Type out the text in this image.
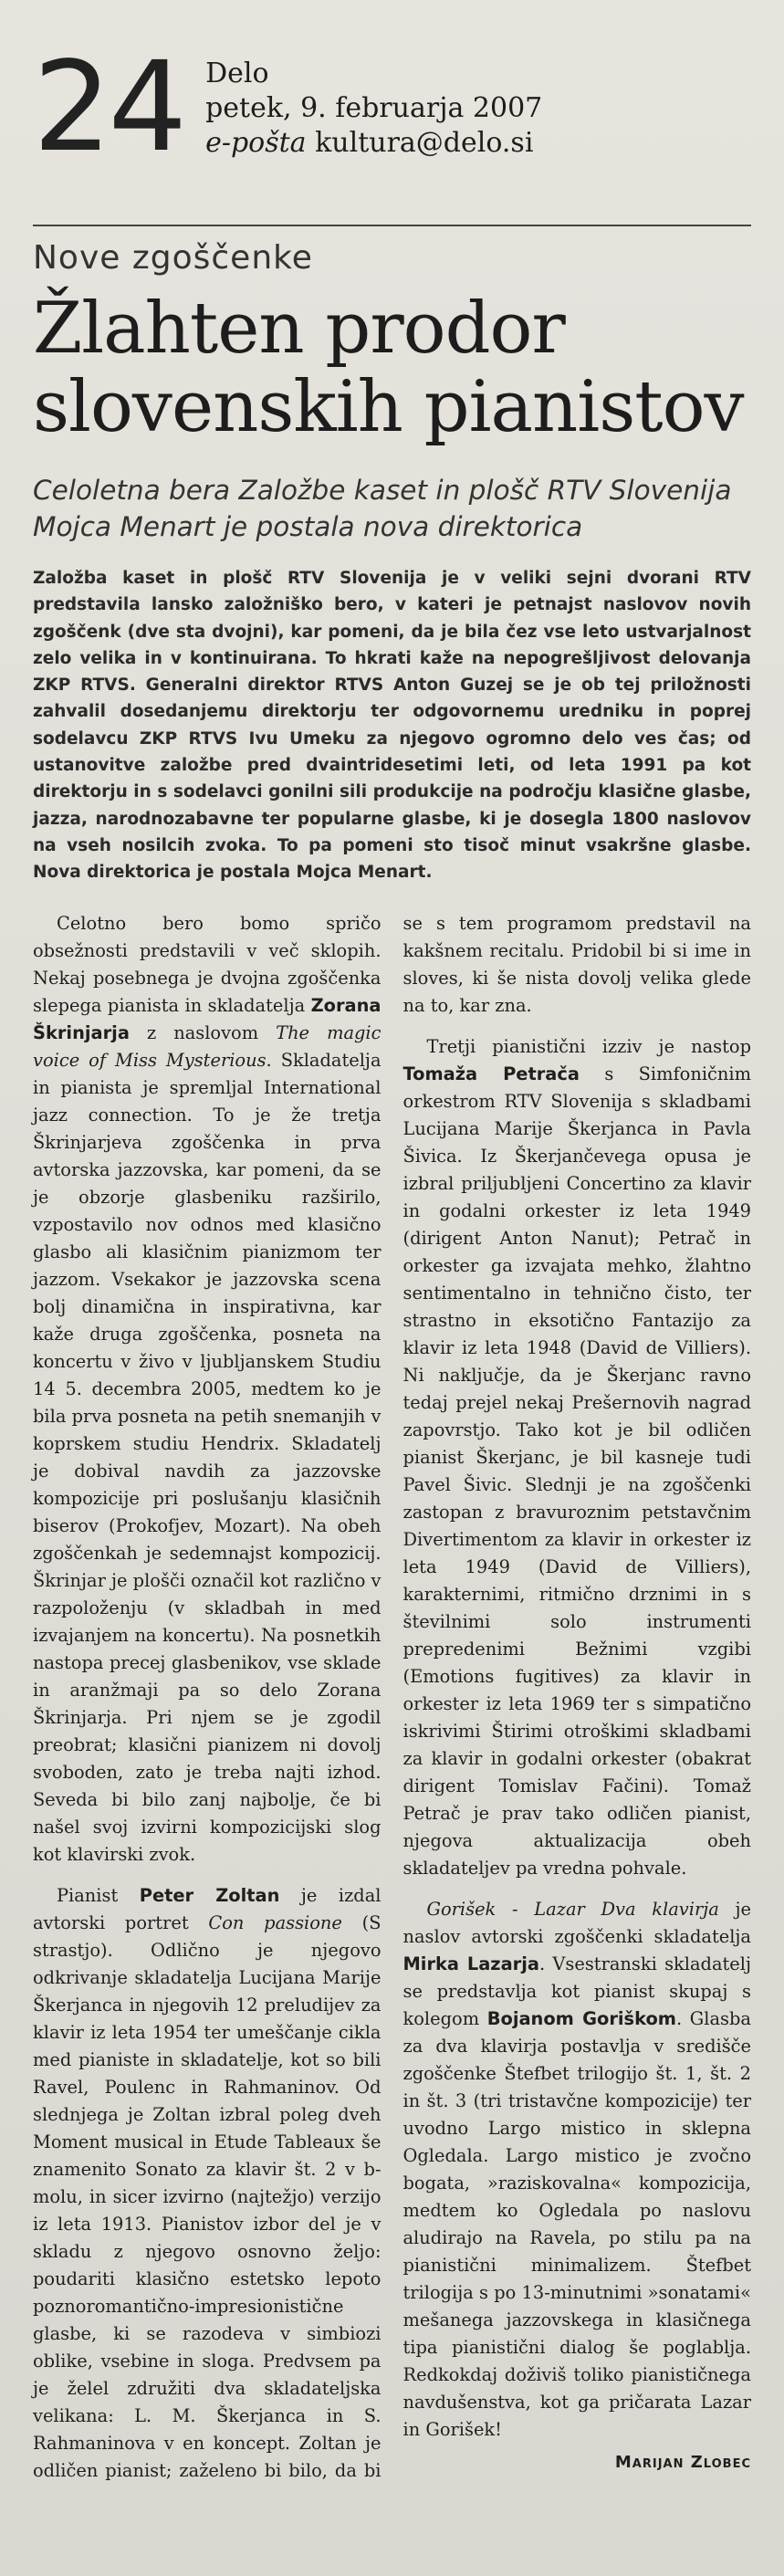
24 Delo
petek, 9. februarja 2007
e-pošta kultura@delo.si
Nove zgoščenke
Žlahten prodor
slovenskih pianistov
Celoletna bera Založbe kaset in plošč RTV Slovenija
Mojca Menart je postala nova direktorica

Založba kaset in plošč RTV Slovenija je v veliki sejni dvorani RTV predstavila lansko založniško bero, v kateri je petnajst naslovov novih zgoščenk (dve sta dvojni), kar pomeni, da je bila čez vse leto ustvarjalnost zelo velika in v kontinuirana. To hkrati kaže na nepogrešljivost delovanja ZKP RTVS. Generalni direktor RTVS Anton Guzej se je ob tej priložnosti zahvalil dosedanjemu direktorju ter odgovornemu uredniku in poprej sodelavcu ZKP RTVS Ivu Umeku za njegovo ogromno delo ves čas; od ustanovitve založbe pred dvaintridesetimi leti, od leta 1991 pa kot direktorju in s sodelavci gonilni sili produkcije na področju klasične glasbe, jazza, narodnozabavne ter popularne glasbe, ki je dosegla 1800 naslovov na vseh nosilcih zvoka. To pa pomeni sto tisoč minut vsakršne glasbe. Nova direktorica je postala Mojca Menart.

Celotno bero bomo spričo obsežnosti predstavili v več sklopih. Nekaj posebnega je dvojna zgoščenka slepega pianista in skladatelja Zorana Škrinjarja z naslovom The magic voice of Miss Mysterious. Skladatelja in pianista je spremljal International jazz connection. To je že tretja Škrinjarjeva zgoščenka in prva avtorska jazzovska, kar pomeni, da se je obzorje glasbeniku razširilo, vzpostavilo nov odnos med klasično glasbo ali klasičnim pianizmom ter jazzom. Vsekakor je jazzovska scena bolj dinamična in inspirativna, kar kaže druga zgoščenka, posneta na koncertu v živo v ljubljanskem Studiu 14 5. decembra 2005, medtem ko je bila prva posneta na petih snemanjih v koprskem studiu Hendrix. Skladatelj je dobival navdih za jazzovske kompozicije pri poslušanju klasičnih biserov (Prokofjev, Mozart). Na obeh zgoščenkah je sedemnajst kompozicij. Škrinjar je plošči označil kot različno v razpoloženju (v skladbah in med izvajanjem na koncertu). Na posnetkih nastopa precej glasbenikov, vse sklade in aranžmaji pa so delo Zorana Škrinjarja. Pri njem se je zgodil preobrat; klasični pianizem ni dovolj svoboden, zato je treba najti izhod. Seveda bi bilo zanj najbolje, če bi našel svoj izvirni kompozicijski slog kot klavirski zvok.

Pianist Peter Zoltan je izdal avtorski portret Con passione (S strastjo). Odlično je njegovo odkrivanje skladatelja Lucijana Marije Škerjanca in njegovih 12 preludijev za klavir iz leta 1954 ter umeščanje cikla med pianiste in skladatelje, kot so bili Ravel, Poulenc in Rahmaninov. Od slednjega je Zoltan izbral poleg dveh Moment musical in Etude Tableaux še znamenito Sonato za klavir št. 2 v b-molu, in sicer izvirno (najtežjo) verzijo iz leta 1913. Pianistov izbor del je v skladu z njegovo osnovno željo: poudariti klasično estetsko lepoto poznoromantično-impresionistične glasbe, ki se razodeva v simbiozi oblike, vsebine in sloga. Predvsem pa je želel združiti dva skladateljska velikana: L. M. Škerjanca in S. Rahmaninova v en koncept. Zoltan je odličen pianist; zaželeno bi bilo, da bi se s tem programom predstavil na kakšnem recitalu. Pridobil bi si ime in sloves, ki še nista dovolj velika glede na to, kar zna.

Tretji pianistični izziv je nastop Tomaža Petrača s Simfoničnim orkestrom RTV Slovenija s skladbami Lucijana Marije Škerjanca in Pavla Šivica. Iz Škerjančevega opusa je izbral priljubljeni Concertino za klavir in godalni orkester iz leta 1949 (dirigent Anton Nanut); Petrač in orkester ga izvajata mehko, žlahtno sentimentalno in tehnično čisto, ter strastno in eksotično Fantazijo za klavir iz leta 1948 (David de Villiers). Ni naključje, da je Škerjanc ravno tedaj prejel nekaj Prešernovih nagrad zapovrstjo. Tako kot je bil odličen pianist Škerjanc, je bil kasneje tudi Pavel Šivic. Slednji je na zgoščenki zastopan z bravuroznim petstavčnim Divertimentom za klavir in orkester iz leta 1949 (David de Villiers), karakternimi, ritmično drznimi in s številnimi solo instrumenti prepredenimi Bežnimi vzgibi (Emotions fugitives) za klavir in orkester iz leta 1969 ter s simpatično iskrivimi Štirimi otroškimi skladbami za klavir in godalni orkester (obakrat dirigent Tomislav Fačini). Tomaž Petrač je prav tako odličen pianist, njegova aktualizacija obeh skladateljev pa vredna pohvale.

Gorišek - Lazar Dva klavirja je naslov avtorski zgoščenki skladatelja Mirka Lazarja. Vsestranski skladatelj se predstavlja kot pianist skupaj s kolegom Bojanom Goriškom. Glasba za dva klavirja postavlja v središče zgoščenke Štefbet trilogijo št. 1, št. 2 in št. 3 (tri tristavčne kompozicije) ter uvodno Largo mistico in sklepna Ogledala. Largo mistico je zvočno bogata, »raziskovalna« kompozicija, medtem ko Ogledala po naslovu aludirajo na Ravela, po stilu pa na pianistični minimalizem. Štefbet trilogija s po 13-minutnimi »sonatami« mešanega jazzovskega in klasičnega tipa pianistični dialog še poglablja. Redkokdaj doživiš toliko pianističnega navdušenstva, kot ga pričarata Lazar in Gorišek!

Marijan Zlobec
